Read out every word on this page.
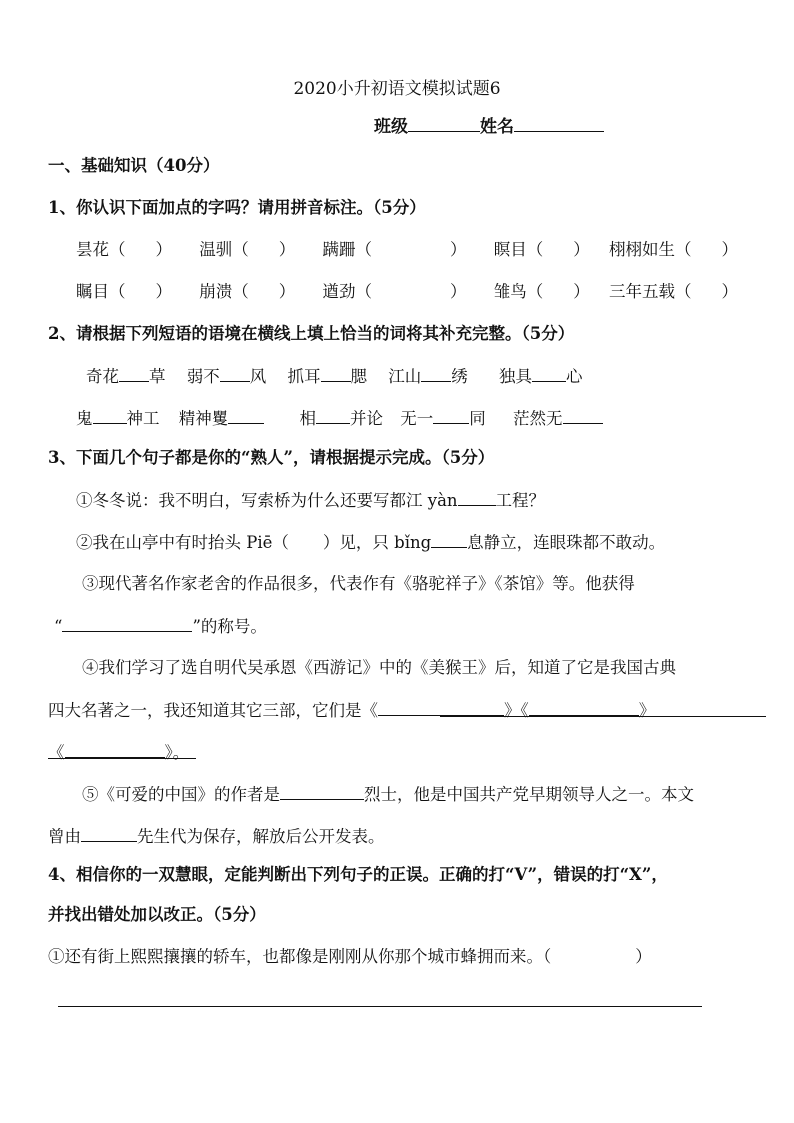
2020小升初语文模拟试题6
班级	姓名
一、基础知识（40分）
1、你认识下面加点的字吗？请用拼音标注。（5分）
昙花（ ） 温驯（ ） 蹒跚（	） 瞑目（ ） 栩栩如生（ ）
瞩目（ ） 崩溃（ ） 遒劲（	） 雏鸟（ ） 三年五载（ ）
2、请根据下列短语的语境在横线上填上恰当的词将其补充完整。（5分）
奇花 草 弱不 风 抓耳 腮 江山 绣 独具 心
鬼 神工 精神矍	相 并论 无一 同 茫然无
3、下面几个句子都是你的“熟人”，请根据提示完成。（5分）
①冬冬说：我不明白，写索桥为什么还要写都江 yàn 工程？
②我在山亭中有时抬头 Piē（ ）见，只 bǐng 息静立，连眼珠都不敢动。
③现代著名作家老舍的作品很多，代表作有《骆驼祥子》《茶馆》等。他获得
“	”的称号。
④我们学习了选自明代吴承恩《西游记》中的《美猴王》后，知道了它是我国古典
四大名著之一，我还知道其它三部，它们是《	》《	》
《	》。
⑤《可爱的中国》的作者是	烈士，他是中国共产党早期领导人之一。本文
曾由	先生代为保存，解放后公开发表。
4、相信你的一双慧眼，定能判断出下列句子的正误。正确的打“V”，错误的打“X”，
并找出错处加以改正。（5分）
①还有街上熙熙攘攘的轿车，也都像是刚刚从你那个城市蜂拥而来。（	）
